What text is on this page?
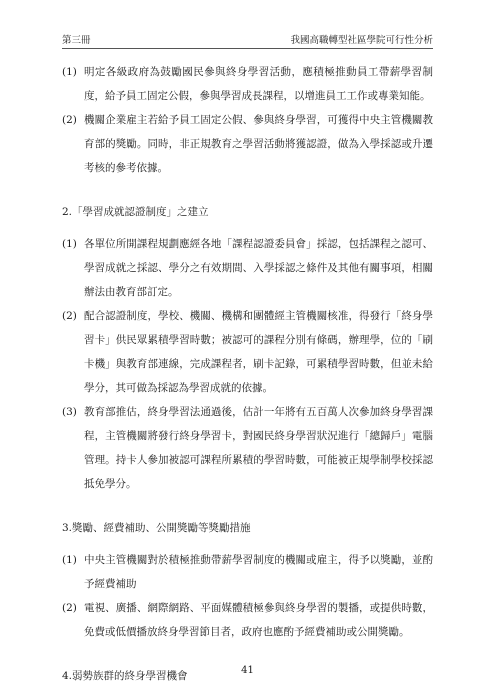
第三冊	我國高職轉型社區學院可行性分析

(1) 明定各級政府為鼓勵國民參與終身學習活動，應積極推動員工帶薪學習制度，給予員工固定公假，參與學習成長課程，以增進員工工作或專業知能。

(2) 機關企業雇主若給予員工固定公假、參與終身學習，可獲得中央主管機關教育部的獎勵。同時，非正規教育之學習活動將獲認證，做為入學採認或升遷考核的參考依據。

2.「學習成就認證制度」之建立

(1) 各單位所開課程規劃應經各地「課程認證委員會」採認，包括課程之認可、學習成就之採認、學分之有效期間、入學採認之條件及其他有關事項，相關辦法由教育部訂定。

(2) 配合認證制度，學校、機關、機構和團體經主管機關核准，得發行「終身學習卡」供民眾累積學習時數；被認可的課程分別有條碼，辦理學，位的「刷卡機」與教育部連線，完成課程者，刷卡記錄，可累積學習時數，但並未給學分，其可做為採認為學習成就的依據。

(3) 教育部推估，終身學習法通過後，估計一年將有五百萬人次參加終身學習課程，主管機關將發行終身學習卡，對國民終身學習狀況進行「總歸戶」電腦管理。持卡人參加被認可課程所累積的學習時數，可能被正規學制學校採認抵免學分。

3.獎勵、經費補助、公開獎勵等獎勵措施

(1) 中央主管機關對於積極推動帶薪學習制度的機關或雇主，得予以獎勵，並酌予經費補助

(2) 電視、廣播、網際網路、平面媒體積極參與終身學習的製播，或提供時數，免費或低價播放終身學習節目者，政府也應酌予經費補助或公開獎勵。

4.弱勢族群的終身學習機會	41
